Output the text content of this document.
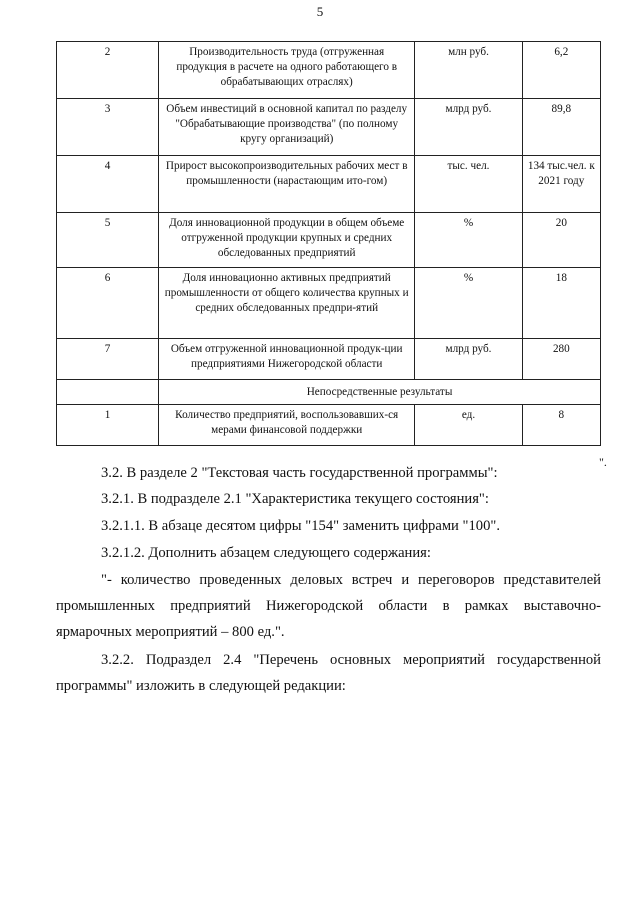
5
2	Производительность труда (отгруженная продукция в расчете на одного работающего в обрабатывающих отраслях)	млн руб.	6,2
3	Объем инвестиций в основной капитал по разделу "Обрабатывающие производства" (по полному кругу организаций)	млрд руб.	89,8
4	Прирост высокопроизводительных рабочих мест в промышленности (нарастающим ито-гом)	тыс. чел.	134 тыс.чел. к 2021 году
5	Доля инновационной продукции в общем объеме отгруженной продукции крупных и средних обследованных предприятий	%	20
6	Доля инновационно активных предприятий промышленности от общего количества крупных и средних обследованных предпри-ятий	%	18
7	Объем отгруженной инновационной продук-ции предприятиями Нижегородской области	млрд руб.	280
	Непосредственные результаты		
1	Количество предприятий, воспользовавших-ся мерами финансовой поддержки	ед.	8
".

3.2. В разделе 2 "Текстовая часть государственной программы":

3.2.1. В подразделе 2.1 "Характеристика текущего состояния":

3.2.1.1. В абзаце десятом цифры "154" заменить цифрами "100".

3.2.1.2. Дополнить абзацем следующего содержания:

"- количество проведенных деловых встреч и переговоров представителей промышленных предприятий Нижегородской области в рамках выставочно-ярмарочных мероприятий – 800 ед.".

3.2.2. Подраздел 2.4 "Перечень основных мероприятий государственной программы" изложить в следующей редакции:
